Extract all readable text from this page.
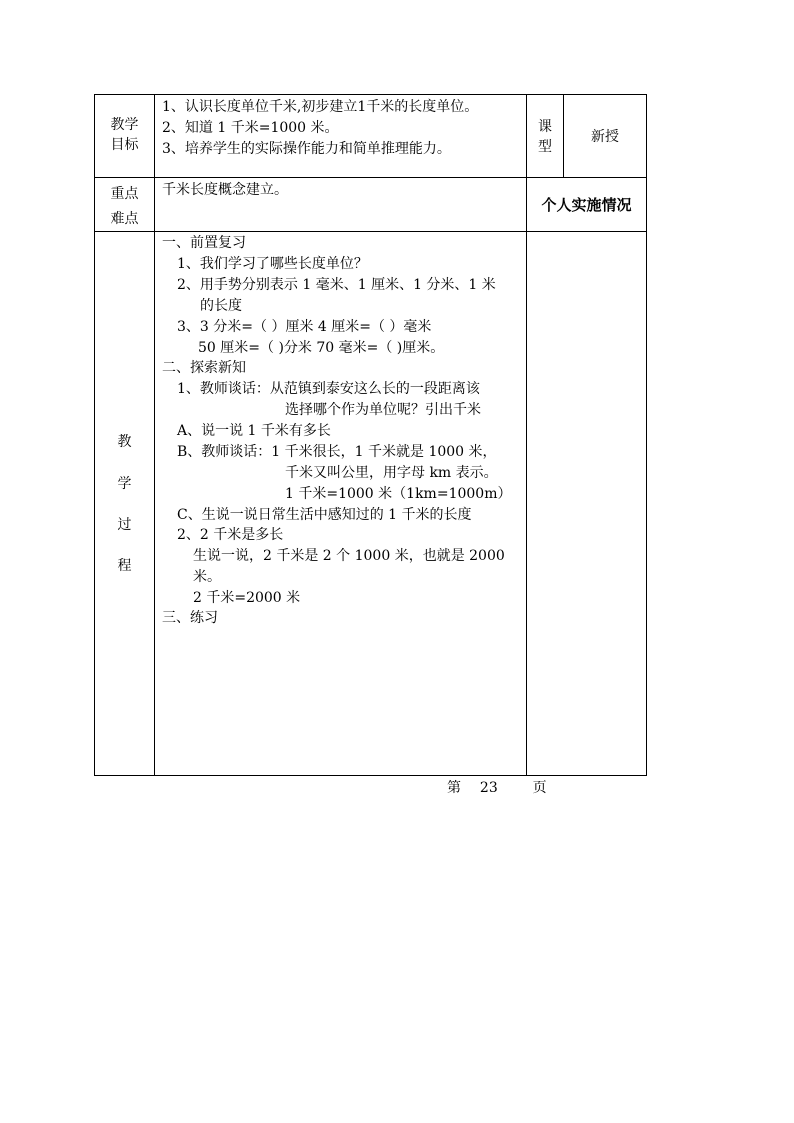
教学
目标
1、认识长度单位千米,初步建立1千米的长度单位。
2、知道 1 千米=1000 米。
3、培养学生的实际操作能力和简单推理能力。
课
型
新授
重点
难点
千米长度概念建立。
个人实施情况
教
学
过
程
一、前置复习
1、我们学习了哪些长度单位？
2、用手势分别表示 1 毫米、1 厘米、1 分米、1 米
的长度
3、3 分米=（ ）厘米 4 厘米=（ ）毫米
50 厘米=（ )分米 70 毫米=（ )厘米。
二、探索新知
1、教师谈话：从范镇到泰安这么长的一段距离该
选择哪个作为单位呢？引出千米
A、说一说 1 千米有多长
B、教师谈话：1 千米很长，1 千米就是 1000 米，
千米又叫公里，用字母 km 表示。
1 千米=1000 米（1km=1000m）
C、生说一说日常生活中感知过的 1 千米的长度
2、2 千米是多长
生说一说，2 千米是 2 个 1000 米，也就是 2000
米。
2 千米=2000 米
三、练习
第 23 页
